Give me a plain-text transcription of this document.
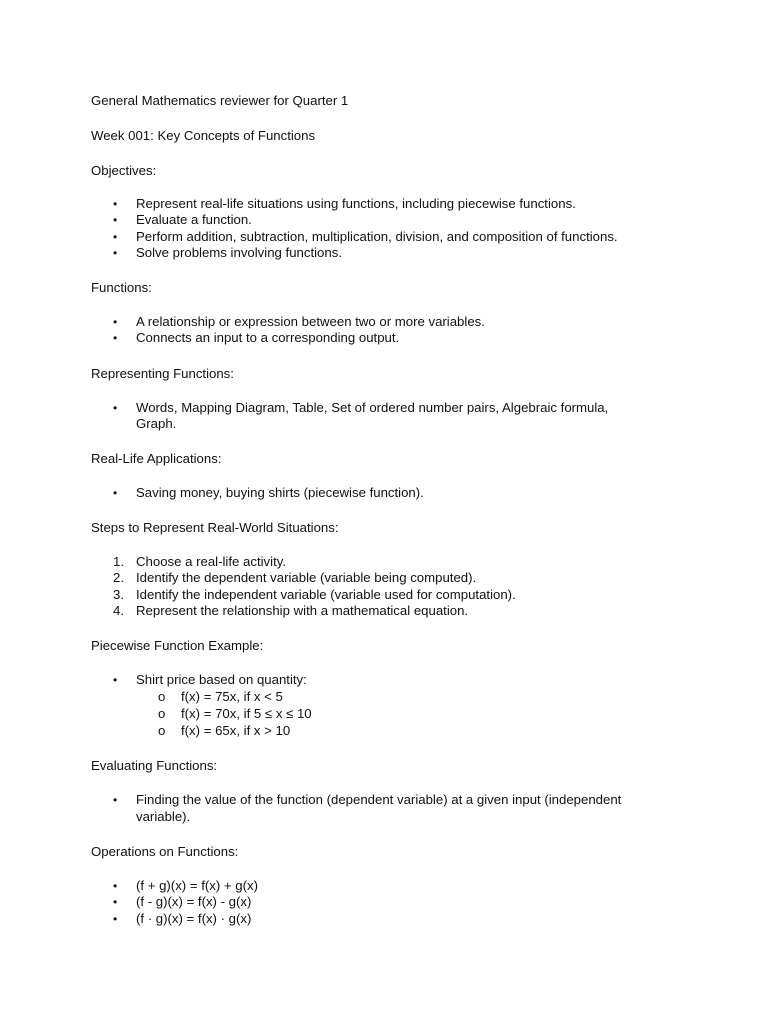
General Mathematics reviewer for Quarter 1
Week 001: Key Concepts of Functions
Objectives:
• Represent real-life situations using functions, including piecewise functions.
• Evaluate a function.
• Perform addition, subtraction, multiplication, division, and composition of functions.
• Solve problems involving functions.
Functions:
• A relationship or expression between two or more variables.
• Connects an input to a corresponding output.
Representing Functions:
• Words, Mapping Diagram, Table, Set of ordered number pairs, Algebraic formula,
Graph.
Real-Life Applications:
• Saving money, buying shirts (piecewise function).
Steps to Represent Real-World Situations:
1. Choose a real-life activity.
2. Identify the dependent variable (variable being computed).
3. Identify the independent variable (variable used for computation).
4. Represent the relationship with a mathematical equation.
Piecewise Function Example:
• Shirt price based on quantity:
o f(x) = 75x, if x < 5
o f(x) = 70x, if 5 ≤ x ≤ 10
o f(x) = 65x, if x > 10
Evaluating Functions:
• Finding the value of the function (dependent variable) at a given input (independent
variable).
Operations on Functions:
• (f + g)(x) = f(x) + g(x)
• (f - g)(x) = f(x) - g(x)
• (f · g)(x) = f(x) · g(x)
